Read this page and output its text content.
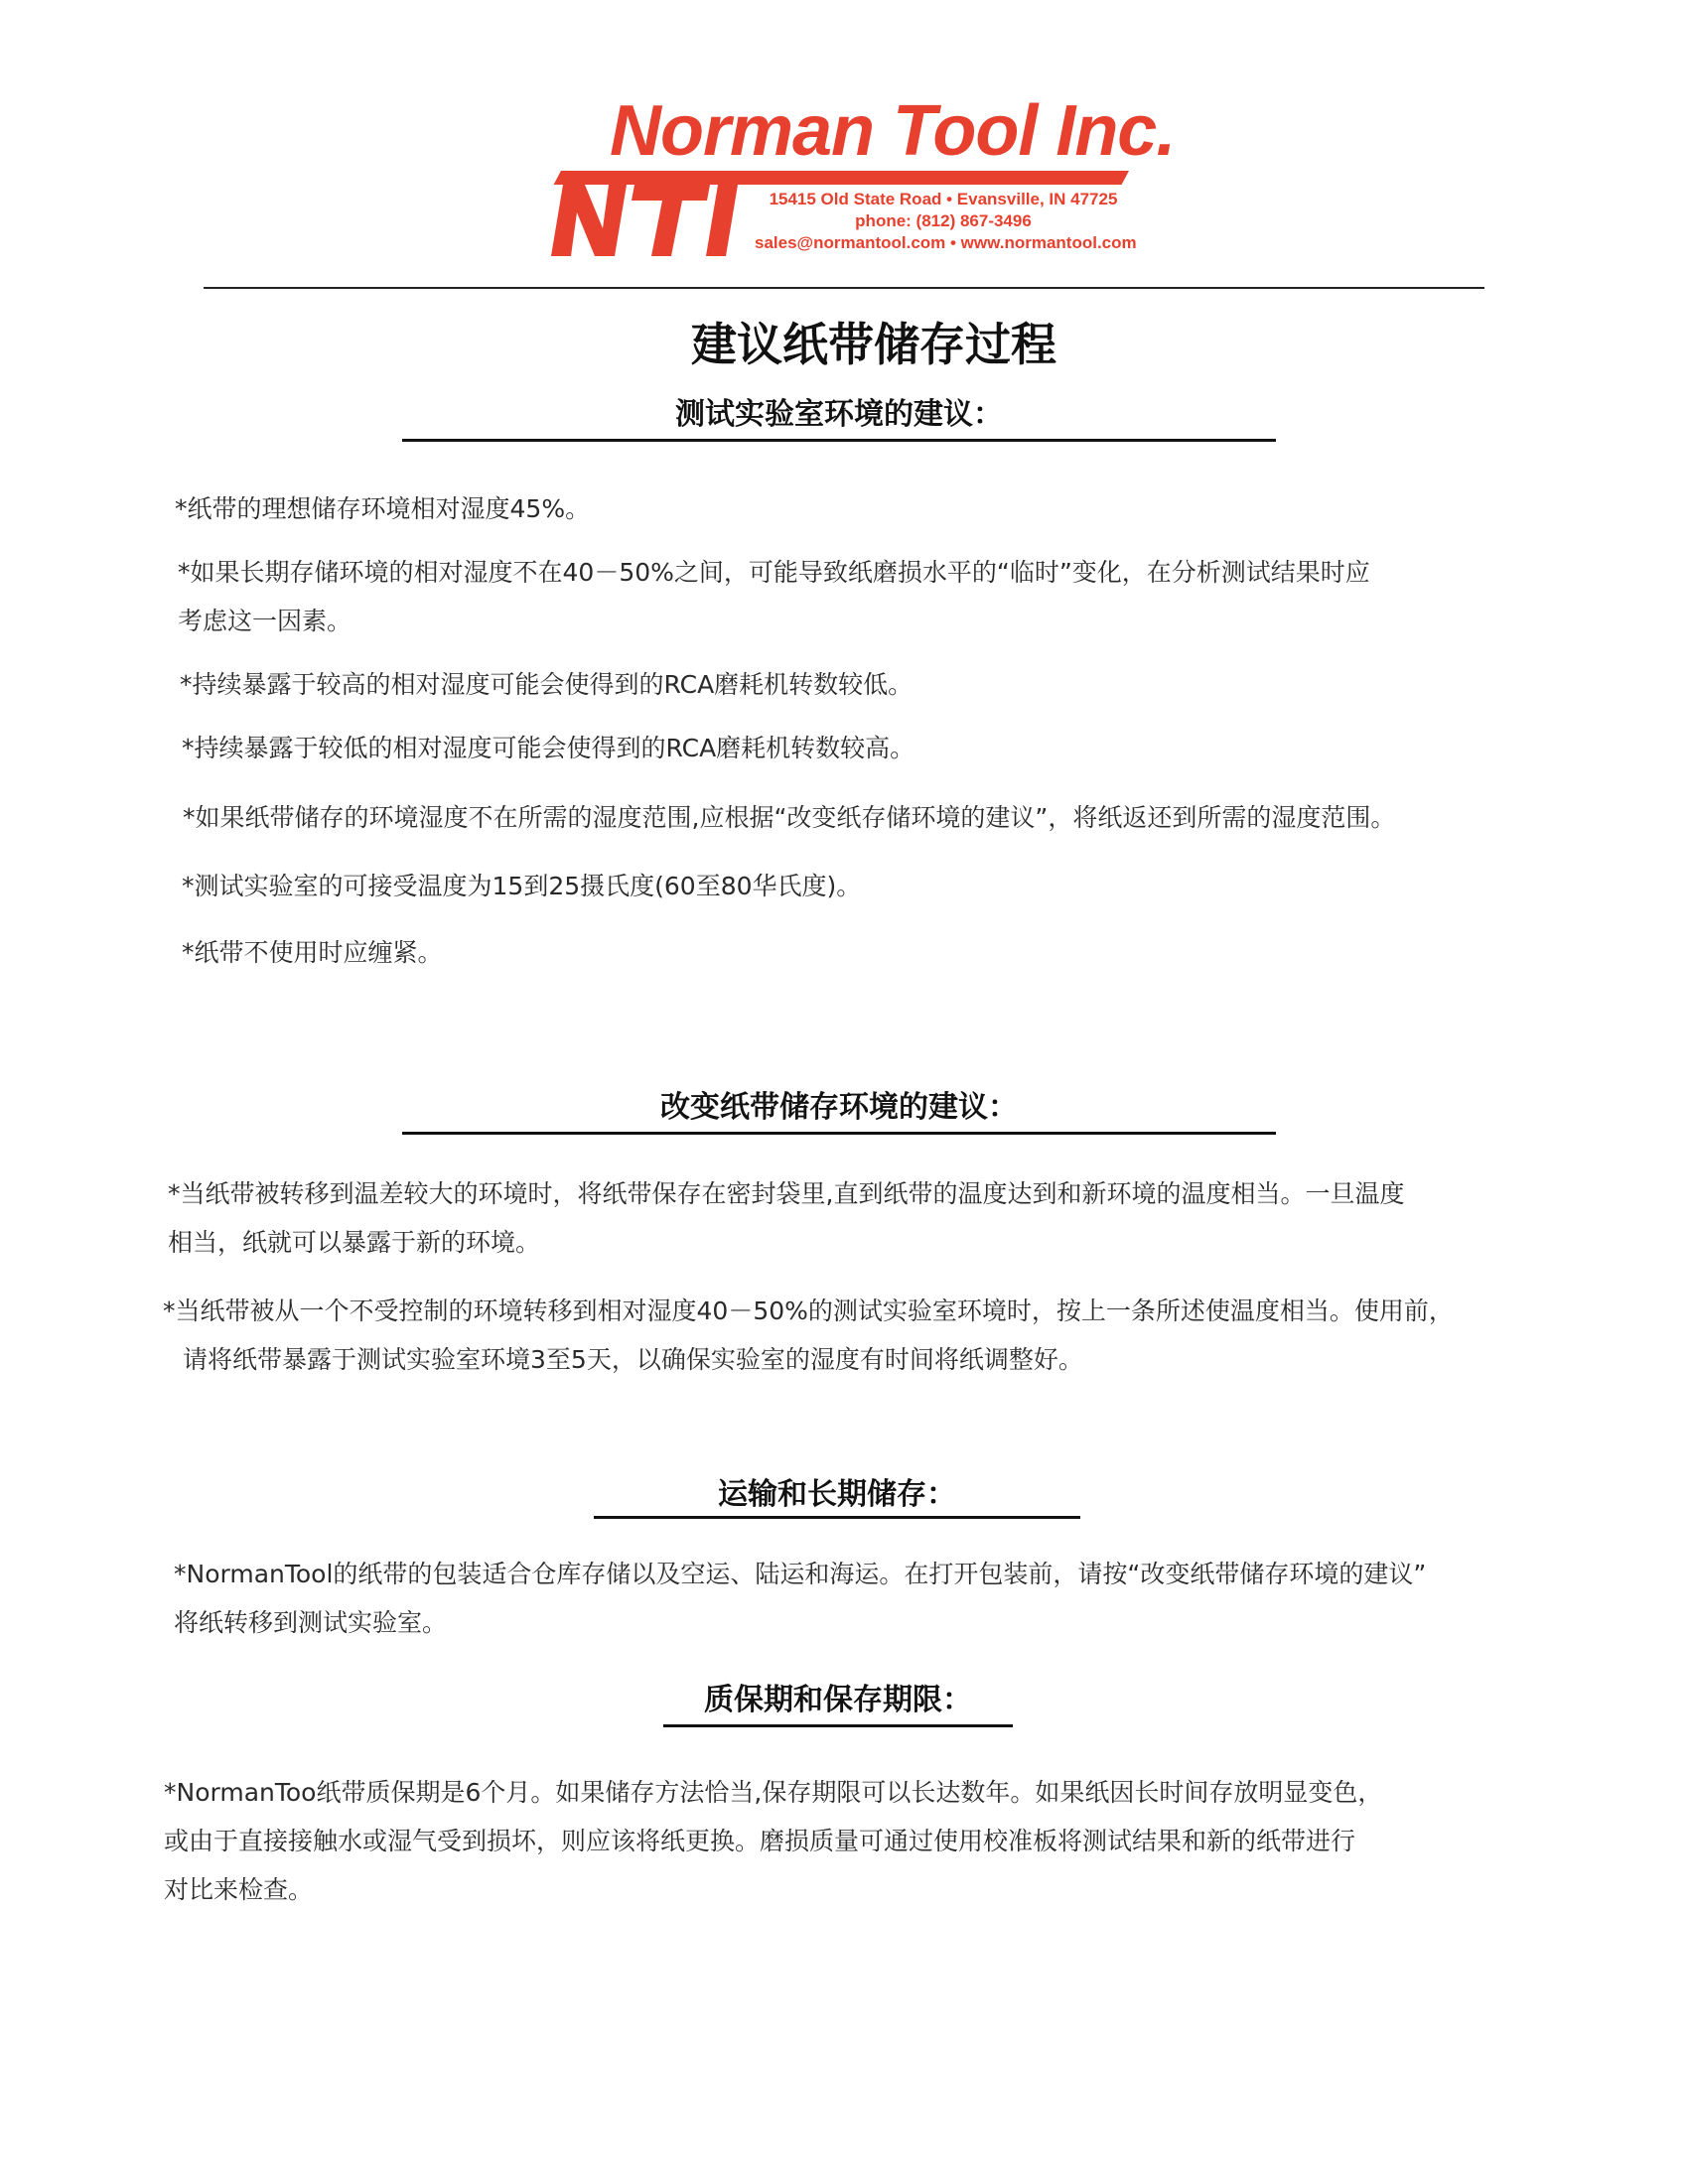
Norman Tool Inc.
15415 Old State Road • Evansville, IN 47725
phone: (812) 867-3496
sales@normantool.com • www.normantool.com
建议纸带储存过程
测试实验室环境的建议：
*纸带的理想储存环境相对湿度45%。
*如果长期存储环境的相对湿度不在40－50%之间，可能导致纸磨损水平的“临时”变化，在分析测试结果时应
考虑这一因素。
*持续暴露于较高的相对湿度可能会使得到的RCA磨耗机转数较低。
*持续暴露于较低的相对湿度可能会使得到的RCA磨耗机转数较高。
*如果纸带储存的环境湿度不在所需的湿度范围,应根据“改变纸存储环境的建议”，将纸返还到所需的湿度范围。
*测试实验室的可接受温度为15到25摄氏度(60至80华氏度)。
*纸带不使用时应缠紧。
改变纸带储存环境的建议：
*当纸带被转移到温差较大的环境时，将纸带保存在密封袋里,直到纸带的温度达到和新环境的温度相当。一旦温度
相当，纸就可以暴露于新的环境。
*当纸带被从一个不受控制的环境转移到相对湿度40－50%的测试实验室环境时，按上一条所述使温度相当。使用前，
请将纸带暴露于测试实验室环境3至5天，以确保实验室的湿度有时间将纸调整好。
运输和长期储存：
*NormanTool的纸带的包装适合仓库存储以及空运、陆运和海运。在打开包装前，请按“改变纸带储存环境的建议”
将纸转移到测试实验室。
质保期和保存期限：
*NormanToo纸带质保期是6个月。如果储存方法恰当,保存期限可以长达数年。如果纸因长时间存放明显变色，
或由于直接接触水或湿气受到损坏，则应该将纸更换。磨损质量可通过使用校准板将测试结果和新的纸带进行
对比来检查。
